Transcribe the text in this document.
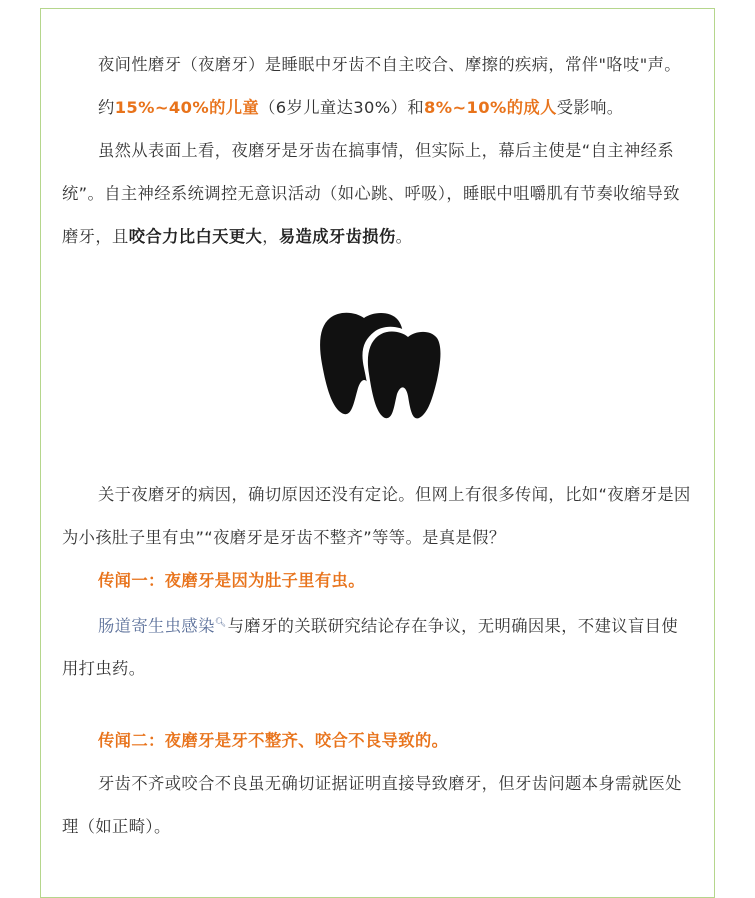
夜间性磨牙（夜磨牙）是睡眠中牙齿不自主咬合、摩擦的疾病，常伴"咯吱"声。

约15%~40%的儿童（6岁儿童达30%）和8%~10%的成人受影响。

虽然从表面上看，夜磨牙是牙齿在搞事情，但实际上，幕后主使是“自主神经系统”。自主神经系统调控无意识活动（如心跳、呼吸），睡眠中咀嚼肌有节奏收缩导致磨牙，且咬合力比白天更大，易造成牙齿损伤。

关于夜磨牙的病因，确切原因还没有定论。但网上有很多传闻，比如“夜磨牙是因为小孩肚子里有虫”“夜磨牙是牙齿不整齐”等等。是真是假？

传闻一：夜磨牙是因为肚子里有虫。

肠道寄生虫感染🔍︎与磨牙的关联研究结论存在争议，无明确因果，不建议盲目使用打虫药。

传闻二：夜磨牙是牙不整齐、咬合不良导致的。

牙齿不齐或咬合不良虽无确切证据证明直接导致磨牙，但牙齿问题本身需就医处理（如正畸）。
